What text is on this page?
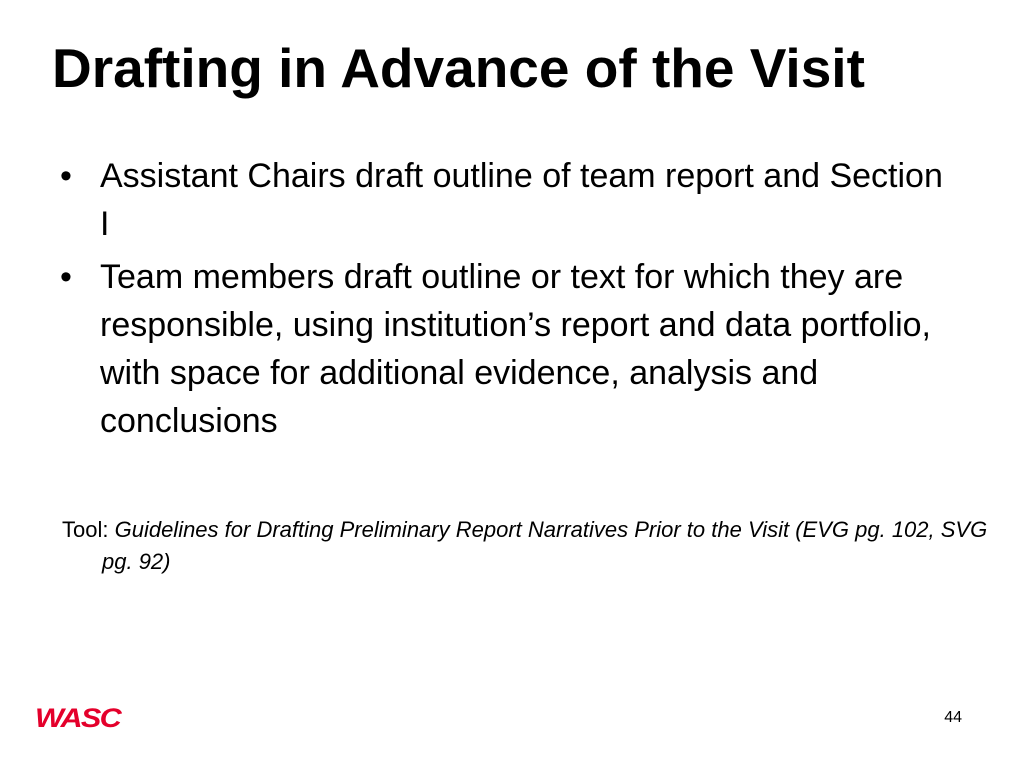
Drafting in Advance of the Visit
• Assistant Chairs draft outline of team report and Section I
• Team members draft outline or text for which they are responsible, using institution’s report and data portfolio, with space for additional evidence, analysis and conclusions

Tool: Guidelines for Drafting Preliminary Report Narratives Prior to the Visit (EVG pg. 102, SVG pg. 92)

WASC	44
